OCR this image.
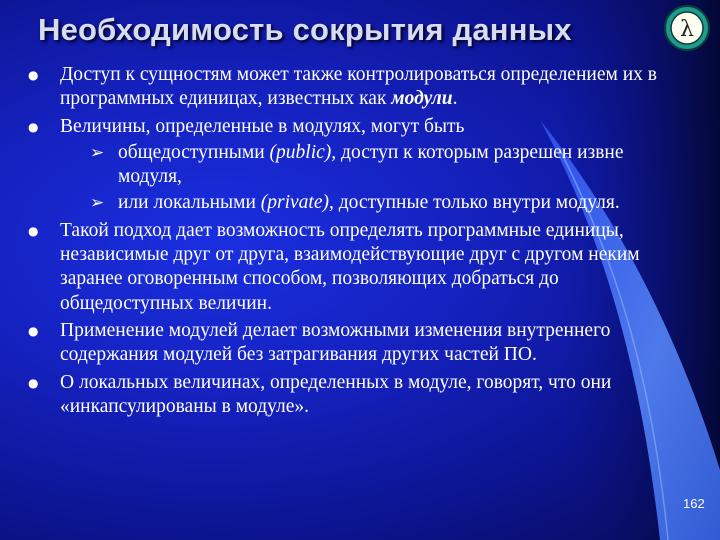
Необходимость сокрытия данных	λ
● Доступ к сущностям может также контролироваться определением их в программных единицах, известных как модули.
● Величины, определенные в модулях, могут быть
➢ общедоступными (public), доступ к которым разрешен извне модуля,
➢ или локальными (private), доступные только внутри модуля.
● Такой подход дает возможность определять программные единицы, независимые друг от друга, взаимодействующие друг с другом неким заранее оговоренным способом, позволяющих добраться до общедоступных величин.
● Применение модулей делает возможными изменения внутреннего содержания модулей без затрагивания других частей ПО.
● О локальных величинах, определенных в модуле, говорят, что они «инкапсулированы в модуле».
162
